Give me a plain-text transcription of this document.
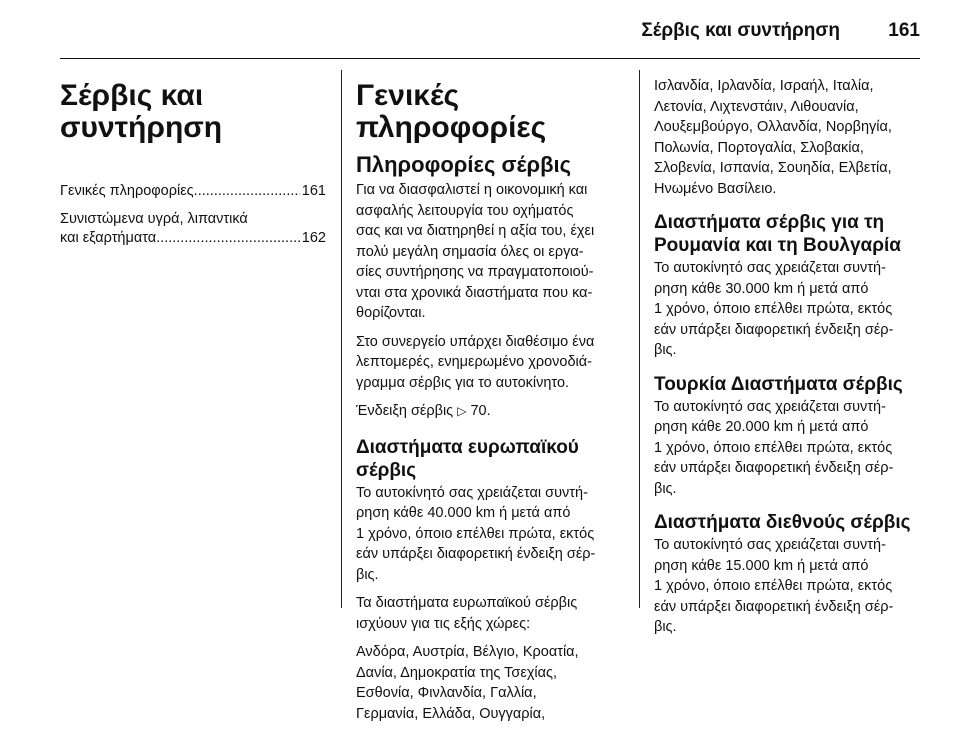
Σέρβις και συντήρηση	161
Σέρβις και συντήρηση
Γενικές πληροφορίες .....	161
Συνιστώμενα υγρά, λιπαντικά
και εξαρτήματα .....	162
Γενικές πληροφορίες
Πληροφορίες σέρβις
Για να διασφαλιστεί η οικονομική και
ασφαλής λειτουργία του οχήματός
σας και να διατηρηθεί η αξία του, έχει
πολύ μεγάλη σημασία όλες οι εργα-
σίες συντήρησης να πραγματοποιού-
νται στα χρονικά διαστήματα που κα-
θορίζονται.
Στο συνεργείο υπάρχει διαθέσιμο ένα
λεπτομερές, ενημερωμένο χρονοδιά-
γραμμα σέρβις για το αυτοκίνητο.
Ένδειξη σέρβις ▷ 70.
Διαστήματα ευρωπαϊκού σέρβις
Το αυτοκίνητό σας χρειάζεται συντή-
ρηση κάθε 40.000 km ή μετά από
1 χρόνο, όποιο επέλθει πρώτα, εκτός
εάν υπάρξει διαφορετική ένδειξη σέρ-
βις.
Τα διαστήματα ευρωπαϊκού σέρβις
ισχύουν για τις εξής χώρες:
Ανδόρα, Αυστρία, Βέλγιο, Κροατία,
Δανία, Δημοκρατία της Τσεχίας,
Εσθονία, Φινλανδία, Γαλλία,
Γερμανία, Ελλάδα, Ουγγαρία,
Ισλανδία, Ιρλανδία, Ισραήλ, Ιταλία,
Λετονία, Λιχτενστάιν, Λιθουανία,
Λουξεμβούργο, Ολλανδία, Νορβηγία,
Πολωνία, Πορτογαλία, Σλοβακία,
Σλοβενία, Ισπανία, Σουηδία, Ελβετία,
Ηνωμένο Βασίλειο.
Διαστήματα σέρβις για τη
Ρουμανία και τη Βουλγαρία
Το αυτοκίνητό σας χρειάζεται συντή-
ρηση κάθε 30.000 km ή μετά από
1 χρόνο, όποιο επέλθει πρώτα, εκτός
εάν υπάρξει διαφορετική ένδειξη σέρ-
βις.
Τουρκία Διαστήματα σέρβις
Το αυτοκίνητό σας χρειάζεται συντή-
ρηση κάθε 20.000 km ή μετά από
1 χρόνο, όποιο επέλθει πρώτα, εκτός
εάν υπάρξει διαφορετική ένδειξη σέρ-
βις.
Διαστήματα διεθνούς σέρβις
Το αυτοκίνητό σας χρειάζεται συντή-
ρηση κάθε 15.000 km ή μετά από
1 χρόνο, όποιο επέλθει πρώτα, εκτός
εάν υπάρξει διαφορετική ένδειξη σέρ-
βις.
